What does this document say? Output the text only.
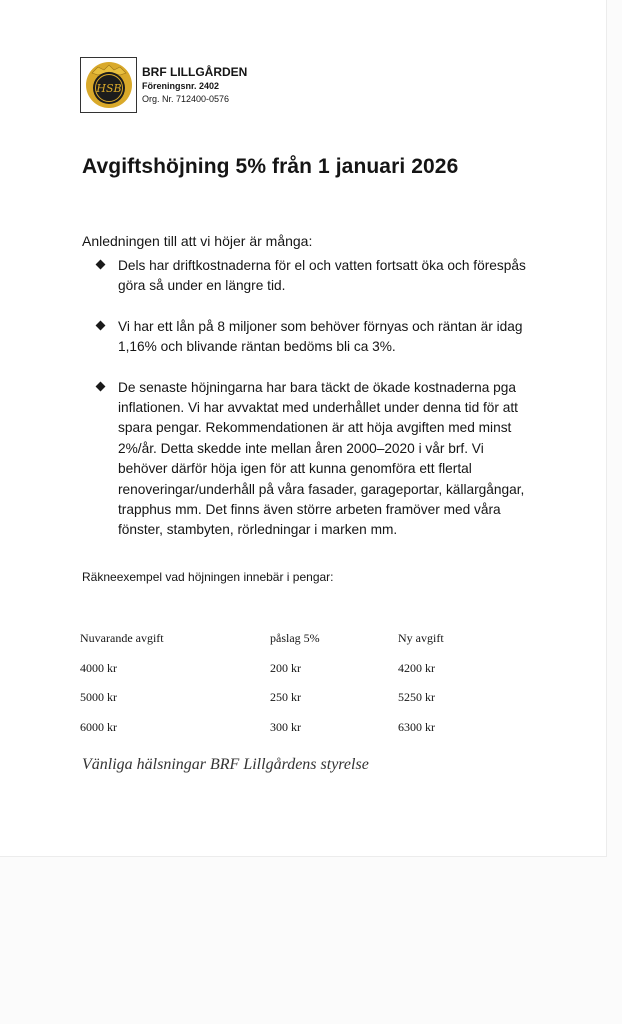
HSB
BRF LILLGÅRDEN
Föreningsnr. 2402
Org. Nr. 712400-0576
Avgiftshöjning 5% från 1 januari 2026
Anledningen till att vi höjer är många:
Dels har driftkostnaderna för el och vatten fortsatt öka och förespås göra så under en längre tid.
Vi har ett lån på 8 miljoner som behöver förnyas och räntan är idag 1,16% och blivande räntan bedöms bli ca 3%.
De senaste höjningarna har bara täckt de ökade kostnaderna pga inflationen. Vi har avvaktat med underhållet under denna tid för att spara pengar. Rekommendationen är att höja avgiften med minst 2%/år. Detta skedde inte mellan åren 2000–2020 i vår brf. Vi behöver därför höja igen för att kunna genomföra ett flertal renoveringar/underhåll på våra fasader, garageportar, källargångar, trapphus mm. Det finns även större arbeten framöver med våra fönster, stambyten, rörledningar i marken mm.
Räkneexempel vad höjningen innebär i pengar:
Nuvarande avgift	påslag 5%	Ny avgift
4000 kr	200 kr	4200 kr
5000 kr	250 kr	5250 kr
6000 kr	300 kr	6300 kr
Vänliga hälsningar BRF Lillgårdens styrelse
